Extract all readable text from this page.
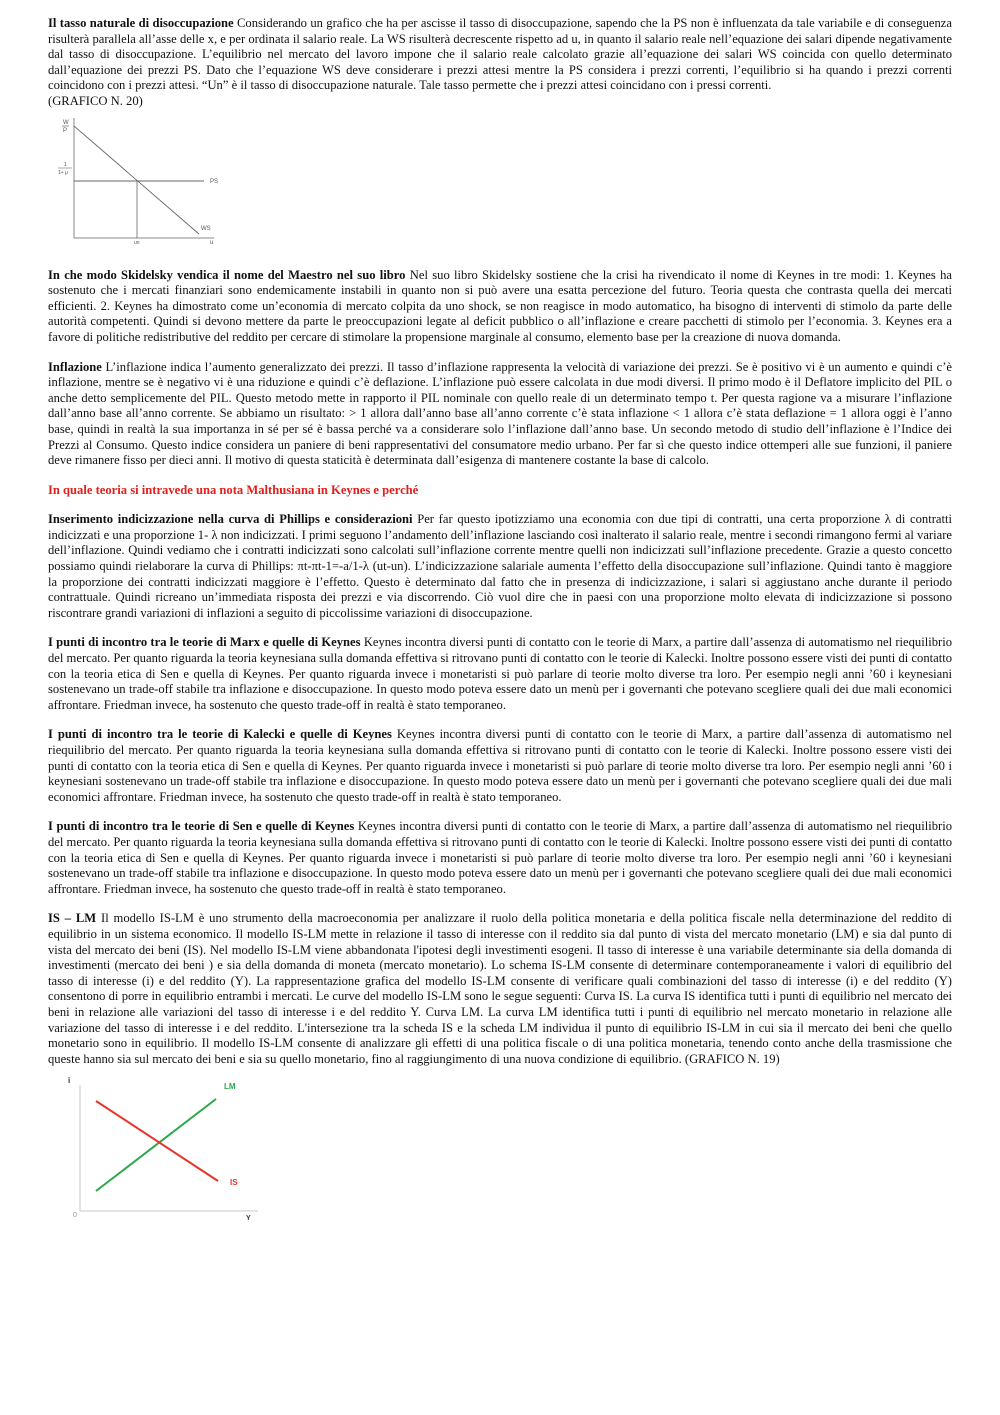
Il tasso naturale di disoccupazione Considerando un grafico che ha per ascisse il tasso di disoccupazione, sapendo che la PS non è influenzata da tale variabile e di conseguenza risulterà parallela all’asse delle x, e per ordinata il salario reale. La WS risulterà decrescente rispetto ad u, in quanto il salario reale nell’equazione dei salari dipende negativamente dal tasso di disoccupazione. L’equilibrio nel mercato del lavoro impone che il salario reale calcolato grazie all’equazione dei salari WS coincida con quello determinato dall’equazione dei prezzi PS. Dato che l’equazione WS deve considerare i prezzi attesi mentre la PS considera i prezzi correnti, l’equilibrio si ha quando i prezzi correnti coincidono con i prezzi attesi. “Un” è il tasso di disoccupazione naturale. Tale tasso permette che i prezzi attesi coincidano con i pressi correnti.

(GRAFICO N. 20)
W
P
1
1+ μ
PS
WS
un	u

In che modo Skidelsky vendica il nome del Maestro nel suo libro Nel suo libro Skidelsky sostiene che la crisi ha rivendicato il nome di Keynes in tre modi: 1. Keynes ha sostenuto che i mercati finanziari sono endemicamente instabili in quanto non si può avere una esatta percezione del futuro. Teoria questa che contrasta quella dei mercati efficienti. 2. Keynes ha dimostrato come un’economia di mercato colpita da uno shock, se non reagisce in modo automatico, ha bisogno di interventi di stimolo da parte delle autorità competenti. Quindi si devono mettere da parte le preoccupazioni legate al deficit pubblico o all’inflazione e creare pacchetti di stimolo per l’economia. 3. Keynes era a favore di politiche redistributive del reddito per cercare di stimolare la propensione marginale al consumo, elemento base per la creazione di nuova domanda.

Inflazione L’inflazione indica l’aumento generalizzato dei prezzi. Il tasso d’inflazione rappresenta la velocità di variazione dei prezzi. Se è positivo vi è un aumento e quindi c’è inflazione, mentre se è negativo vi è una riduzione e quindi c’è deflazione. L’inflazione può essere calcolata in due modi diversi. Il primo modo è il Deflatore implicito del PIL o anche detto semplicemente del PIL. Questo metodo mette in rapporto il PIL nominale con quello reale di un determinato tempo t. Per questa ragione va a misurare l’inflazione dall’anno base all’anno corrente. Se abbiamo un risultato: > 1 allora dall’anno base all’anno corrente c’è stata inflazione < 1 allora c’è stata deflazione = 1 allora oggi è l’anno base, quindi in realtà la sua importanza in sé per sé è bassa perché va a considerare solo l’inflazione dall’anno base. Un secondo metodo di studio dell’inflazione è l’Indice dei Prezzi al Consumo. Questo indice considera un paniere di beni rappresentativi del consumatore medio urbano. Per far sì che questo indice ottemperi alle sue funzioni, il paniere deve rimanere fisso per dieci anni. Il motivo di questa staticità è determinata dall’esigenza di mantenere costante la base di calcolo.

In quale teoria si intravede una nota Malthusiana in Keynes e perché

Inserimento indicizzazione nella curva di Phillips e considerazioni Per far questo ipotizziamo una economia con due tipi di contratti, una certa proporzione λ di contratti indicizzati e una proporzione 1- λ non indicizzati. I primi seguono l’andamento dell’inflazione lasciando così inalterato il salario reale, mentre i secondi rimangono fermi al variare dell’inflazione. Quindi vediamo che i contratti indicizzati sono calcolati sull’inflazione corrente mentre quelli non indicizzati sull’inflazione precedente. Grazie a questo concetto possiamo quindi rielaborare la curva di Phillips: πt-πt-1=-a/1-λ (ut-un). L’indicizzazione salariale aumenta l’effetto della disoccupazione sull’inflazione. Quindi tanto è maggiore la proporzione dei contratti indicizzati maggiore è l’effetto. Questo è determinato dal fatto che in presenza di indicizzazione, i salari si aggiustano anche durante il periodo contrattuale. Quindi ricreano un’immediata risposta dei prezzi e via discorrendo. Ciò vuol dire che in paesi con una proporzione molto elevata di indicizzazione si possono riscontrare grandi variazioni di inflazioni a seguito di piccolissime variazioni di disoccupazione.

I punti di incontro tra le teorie di Marx e quelle di Keynes Keynes incontra diversi punti di contatto con le teorie di Marx, a partire dall’assenza di automatismo nel riequilibrio del mercato. Per quanto riguarda la teoria keynesiana sulla domanda effettiva si ritrovano punti di contatto con le teorie di Kalecki. Inoltre possono essere visti dei punti di contatto con la teoria etica di Sen e quella di Keynes. Per quanto riguarda invece i monetaristi si può parlare di teorie molto diverse tra loro. Per esempio negli anni ’60 i keynesiani sostenevano un trade-off stabile tra inflazione e disoccupazione. In questo modo poteva essere dato un menù per i governanti che potevano scegliere quali dei due mali economici affrontare. Friedman invece, ha sostenuto che questo trade-off in realtà è stato temporaneo.

I punti di incontro tra le teorie di Kalecki e quelle di Keynes Keynes incontra diversi punti di contatto con le teorie di Marx, a partire dall’assenza di automatismo nel riequilibrio del mercato. Per quanto riguarda la teoria keynesiana sulla domanda effettiva si ritrovano punti di contatto con le teorie di Kalecki. Inoltre possono essere visti dei punti di contatto con la teoria etica di Sen e quella di Keynes. Per quanto riguarda invece i monetaristi si può parlare di teorie molto diverse tra loro. Per esempio negli anni ’60 i keynesiani sostenevano un trade-off stabile tra inflazione e disoccupazione. In questo modo poteva essere dato un menù per i governanti che potevano scegliere quali dei due mali economici affrontare. Friedman invece, ha sostenuto che questo trade-off in realtà è stato temporaneo.

I punti di incontro tra le teorie di Sen e quelle di Keynes Keynes incontra diversi punti di contatto con le teorie di Marx, a partire dall’assenza di automatismo nel riequilibrio del mercato. Per quanto riguarda la teoria keynesiana sulla domanda effettiva si ritrovano punti di contatto con le teorie di Kalecki. Inoltre possono essere visti dei punti di contatto con la teoria etica di Sen e quella di Keynes. Per quanto riguarda invece i monetaristi si può parlare di teorie molto diverse tra loro. Per esempio negli anni ’60 i keynesiani sostenevano un trade-off stabile tra inflazione e disoccupazione. In questo modo poteva essere dato un menù per i governanti che potevano scegliere quali dei due mali economici affrontare. Friedman invece, ha sostenuto che questo trade-off in realtà è stato temporaneo.

IS – LM Il modello IS-LM è uno strumento della macroeconomia per analizzare il ruolo della politica monetaria e della politica fiscale nella determinazione del reddito di equilibrio in un sistema economico. Il modello IS-LM mette in relazione il tasso di interesse con il reddito sia dal punto di vista del mercato monetario (LM) e sia dal punto di vista del mercato dei beni (IS). Nel modello IS-LM viene abbandonata l'ipotesi degli investimenti esogeni. Il tasso di interesse è una variabile determinante sia della domanda di investimenti (mercato dei beni ) e sia della domanda di moneta (mercato monetario). Lo schema IS-LM consente di determinare contemporaneamente i valori di equilibrio del tasso di interesse (i) e del reddito (Y). La rappresentazione grafica del modello IS-LM consente di verificare quali combinazioni del tasso di interesse (i) e del reddito (Y) consentono di porre in equilibrio entrambi i mercati. Le curve del modello IS-LM sono le segue seguenti: Curva IS. La curva IS identifica tutti i punti di equilibrio nel mercato dei beni in relazione alle variazioni del tasso di interesse i e del reddito Y. Curva LM. La curva LM identifica tutti i punti di equilibrio nel mercato monetario in relazione alle variazione del tasso di interesse i e del reddito. L'intersezione tra la scheda IS e la scheda LM individua il punto di equilibrio IS-LM in cui sia il mercato dei beni che quello monetario sono in equilibrio. Il modello IS-LM consente di analizzare gli effetti di una politica fiscale o di una politica monetaria, tenendo conto anche della trasmissione che queste hanno sia sul mercato dei beni e sia su quello monetario, fino al raggiungimento di una nuova condizione di equilibrio. (GRAFICO N. 19)

i
0	Y
LM
IS
